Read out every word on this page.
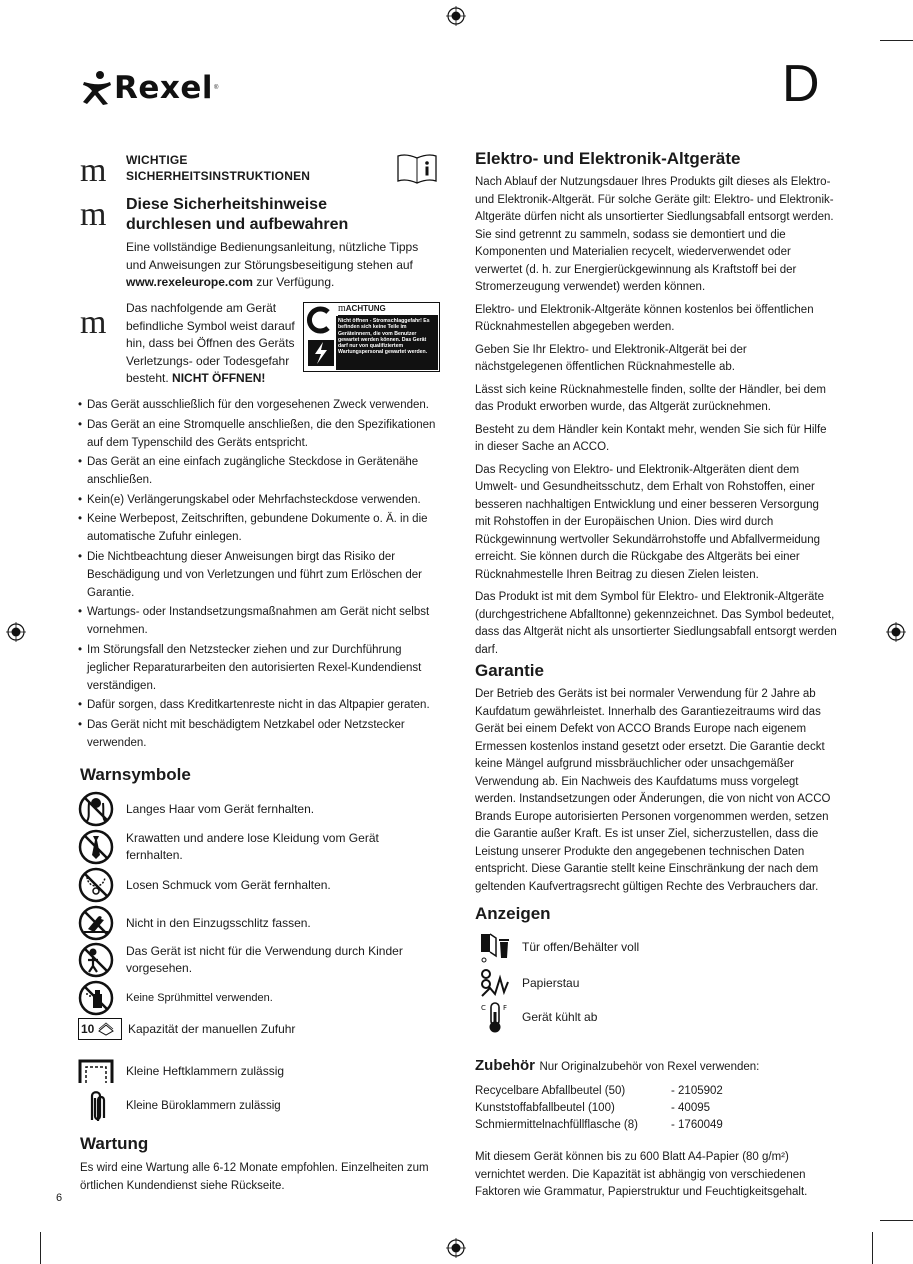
Rexel ®	D
6
m WICHTIGE
SICHERHEITSINSTRUKTIONEN
m Diese Sicherheitshinweise
durchlesen und aufbewahren
Eine vollständige Bedienungsanleitung, nützliche Tipps und Anweisungen zur Störungsbeseitigung stehen auf www.rexeleurope.com zur Verfügung.
m Das nachfolgende am Gerät befindliche Symbol weist darauf hin, dass bei Öffnen des Geräts Verletzungs- oder Todesgefahr besteht. NICHT ÖFFNEN!
mACHTUNG
Nicht öffnen - Stromschlaggefahr! Es befinden sich keine Teile im Geräteinnern, die vom Benutzer gewartet werden können. Das Gerät darf nur von qualifiziertem Wartungspersonal gewartet werden.
• Das Gerät ausschließlich für den vorgesehenen Zweck verwenden.
• Das Gerät an eine Stromquelle anschließen, die den Spezifikationen auf dem Typenschild des Geräts entspricht.
• Das Gerät an eine einfach zugängliche Steckdose in Gerätenähe anschließen.
• Kein(e) Verlängerungskabel oder Mehrfachsteckdose verwenden.
• Keine Werbepost, Zeitschriften, gebundene Dokumente o. Ä. in die automatische Zufuhr einlegen.
• Die Nichtbeachtung dieser Anweisungen birgt das Risiko der Beschädigung und von Verletzungen und führt zum Erlöschen der Garantie.
• Wartungs- oder Instandsetzungsmaßnahmen am Gerät nicht selbst vornehmen.
• Im Störungsfall den Netzstecker ziehen und zur Durchführung jeglicher Reparaturarbeiten den autorisierten Rexel-Kundendienst verständigen.
• Dafür sorgen, dass Kreditkartenreste nicht in das Altpapier geraten.
• Das Gerät nicht mit beschädigtem Netzkabel oder Netzstecker verwenden.
Warnsymbole
Langes Haar vom Gerät fernhalten.
Krawatten und andere lose Kleidung vom Gerät fernhalten.
Losen Schmuck vom Gerät fernhalten.
Nicht in den Einzugsschlitz fassen.
Das Gerät ist nicht für die Verwendung durch Kinder vorgesehen.
Keine Sprühmittel verwenden.
10	Kapazität der manuellen Zufuhr
Kleine Heftklammern zulässig
Kleine Büroklammern zulässig
Wartung
Es wird eine Wartung alle 6-12 Monate empfohlen. Einzelheiten zum örtlichen Kundendienst siehe Rückseite.
Elektro- und Elektronik-Altgeräte

Nach Ablauf der Nutzungsdauer Ihres Produkts gilt dieses als Elektro- und Elektronik-Altgerät. Für solche Geräte gilt: Elektro- und Elektronik-Altgeräte dürfen nicht als unsortierter Siedlungsabfall entsorgt werden. Sie sind getrennt zu sammeln, sodass sie demontiert und die Komponenten und Materialien recycelt, wiederverwendet oder verwertet (d. h. zur Energierückgewinnung als Kraftstoff bei der Stromerzeugung verwendet) werden können.

Elektro- und Elektronik-Altgeräte können kostenlos bei öffentlichen Rücknahmestellen abgegeben werden.

Geben Sie Ihr Elektro- und Elektronik-Altgerät bei der nächstgelegenen öffentlichen Rücknahmestelle ab.

Lässt sich keine Rücknahmestelle finden, sollte der Händler, bei dem das Produkt erworben wurde, das Altgerät zurücknehmen.

Besteht zu dem Händler kein Kontakt mehr, wenden Sie sich für Hilfe in dieser Sache an ACCO.

Das Recycling von Elektro- und Elektronik-Altgeräten dient dem Umwelt- und Gesundheitsschutz, dem Erhalt von Rohstoffen, einer besseren nachhaltigen Entwicklung und einer besseren Versorgung mit Rohstoffen in der Europäischen Union. Dies wird durch Rückgewinnung wertvoller Sekundärrohstoffe und Abfallvermeidung erreicht. Sie können durch die Rückgabe des Altgeräts bei einer Rücknahmestelle Ihren Beitrag zu diesen Zielen leisten.

Das Produkt ist mit dem Symbol für Elektro- und Elektronik-Altgeräte (durchgestrichene Abfalltonne) gekennzeichnet. Das Symbol bedeutet, dass das Altgerät nicht als unsortierter Siedlungsabfall entsorgt werden darf.

Garantie
Der Betrieb des Geräts ist bei normaler Verwendung für 2 Jahre ab Kaufdatum gewährleistet. Innerhalb des Garantiezeitraums wird das Gerät bei einem Defekt von ACCO Brands Europe nach eigenem Ermessen kostenlos instand gesetzt oder ersetzt. Die Garantie deckt keine Mängel aufgrund missbräuchlicher oder unsachgemäßer Verwendung ab. Ein Nachweis des Kaufdatums muss vorgelegt werden. Instandsetzungen oder Änderungen, die von nicht von ACCO Brands Europe autorisierten Personen vorgenommen werden, setzen die Garantie außer Kraft. Es ist unser Ziel, sicherzustellen, dass die Leistung unserer Produkte den angegebenen technischen Daten entspricht. Diese Garantie stellt keine Einschränkung der nach dem geltenden Kaufvertragsrecht gültigen Rechte des Verbrauchers dar.
Anzeigen
Tür offen/Behälter voll
Papierstau
C F
Gerät kühlt ab
Zubehör Nur Originalzubehör von Rexel verwenden:
Recycelbare Abfallbeutel (50)	- 2105902
Kunststoffabfallbeutel (100)	- 40095
Schmiermittelnachfüllflasche (8)	- 1760049
Mit diesem Gerät können bis zu 600 Blatt A4-Papier (80 g/m²) vernichtet werden. Die Kapazität ist abhängig von verschiedenen Faktoren wie Grammatur, Papierstruktur und Feuchtigkeitsgehalt.
